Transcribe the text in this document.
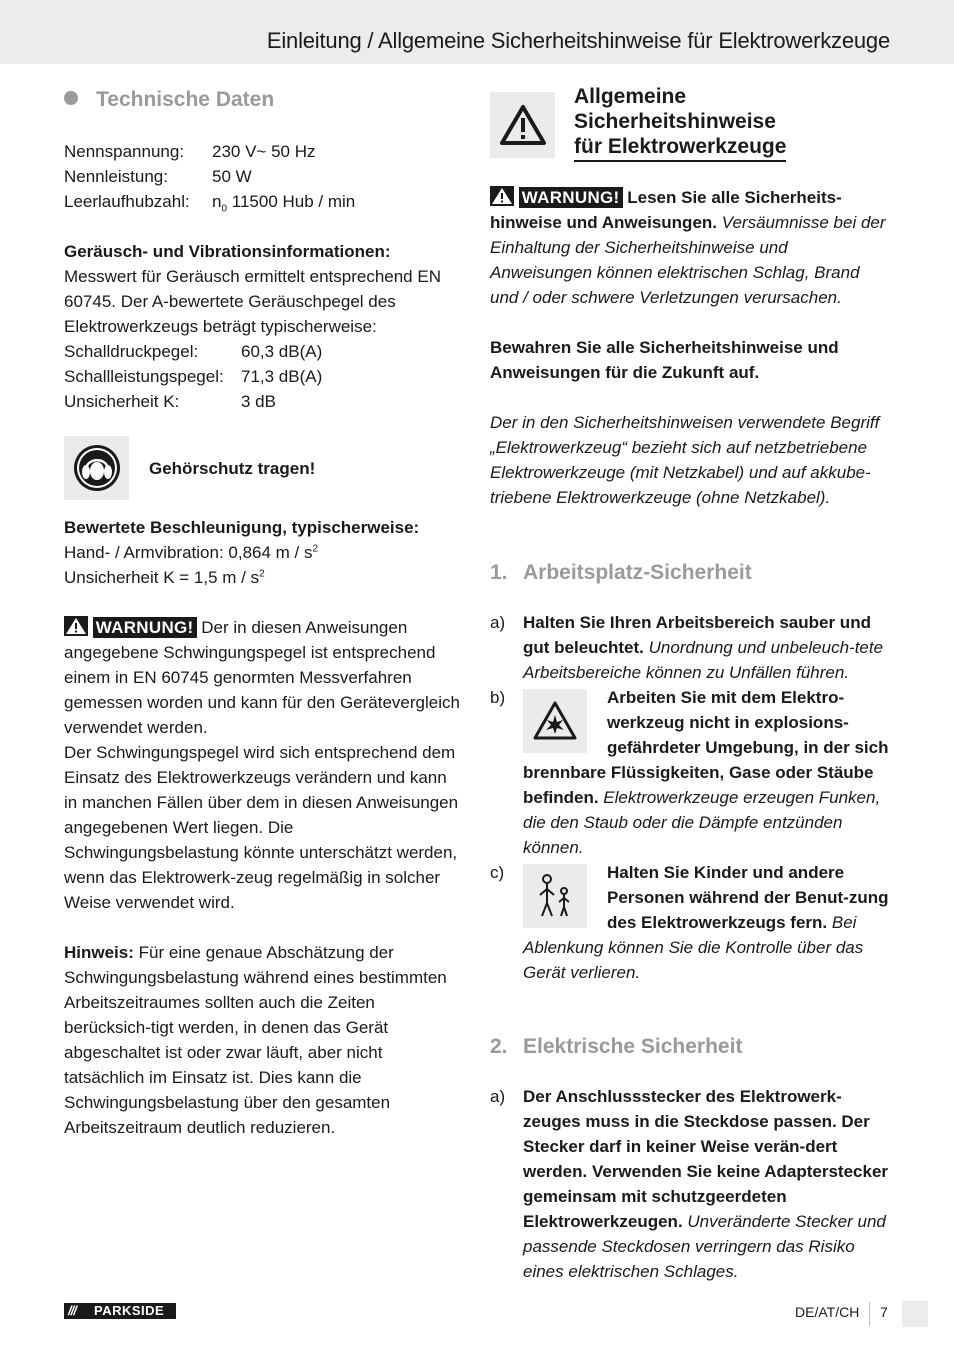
Einleitung / Allgemeine Sicherheitshinweise für Elektrowerkzeuge
Technische Daten
Nennspannung:	230 V~ 50 Hz
Nennleistung:	50 W
Leerlaufhubzahl:	$n_0$ 11500 Hub / min

Geräusch- und Vibrationsinformationen:

Messwert für Geräusch ermittelt entsprechend EN 60745. Der A-bewertete Geräuschpegel des Elektrowerkzeugs beträgt typischerweise:

Schalldruckpegel:	60,3 dB(A)
Schallleistungspegel:	71,3 dB(A)
Unsicherheit K:	3 dB
Gehörschutz tragen!

Bewertete Beschleunigung, typischerweise:

Hand- / Armvibration: 0,864 m / $s^2$

Unsicherheit K = 1,5 m / $s^2$

WARNUNG! Der in diesen Anweisungen angegebene Schwingungspegel ist entsprechend einem in EN 60745 genormten Messverfahren gemessen worden und kann für den Gerätevergleich verwendet werden.

Der Schwingungspegel wird sich entsprechend dem Einsatz des Elektrowerkzeugs verändern und kann in manchen Fällen über dem in diesen Anweisungen angegebenen Wert liegen. Die Schwingungsbelastung könnte unterschätzt werden, wenn das Elektrowerk-zeug regelmäßig in solcher Weise verwendet wird.

Hinweis: Für eine genaue Abschätzung der Schwingungsbelastung während eines bestimmten Arbeitszeitraumes sollten auch die Zeiten berücksich-tigt werden, in denen das Gerät abgeschaltet ist oder zwar läuft, aber nicht tatsächlich im Einsatz ist. Dies kann die Schwingungsbelastung über den gesamten Arbeitszeitraum deutlich reduzieren.

Allgemeine
Sicherheitshinweise
für Elektrowerkzeuge

WARNUNG! Lesen Sie alle Sicherheits-hinweise und Anweisungen. Versäumnisse bei der Einhaltung der Sicherheitshinweise und Anweisungen können elektrischen Schlag, Brand und / oder schwere Verletzungen verursachen.

Bewahren Sie alle Sicherheitshinweise und Anweisungen für die Zukunft auf.

Der in den Sicherheitshinweisen verwendete Begriff „Elektrowerkzeug“ bezieht sich auf netzbetriebene Elektrowerkzeuge (mit Netzkabel) und auf akkube-triebene Elektrowerkzeuge (ohne Netzkabel).

1. Arbeitsplatz-Sicherheit
a)	Halten Sie Ihren Arbeitsbereich sauber und gut beleuchtet. Unordnung und unbeleuch-tete Arbeitsbereiche können zu Unfällen führen.
b)	Arbeiten Sie mit dem Elektro-werkzeug nicht in explosions-gefährdeter Umgebung, in der sich brennbare Flüssigkeiten, Gase oder Stäube befinden. Elektrowerkzeuge erzeugen Funken, die den Staub oder die Dämpfe entzünden können.
c)	Halten Sie Kinder und andere Personen während der Benut-zung des Elektrowerkzeugs fern. Bei Ablenkung können Sie die Kontrolle über das Gerät verlieren.
2. Elektrische Sicherheit
a)	Der Anschlussstecker des Elektrowerk-zeuges muss in die Steckdose passen. Der Stecker darf in keiner Weise verän-dert werden. Verwenden Sie keine Adapterstecker gemeinsam mit schutzgeerdeten Elektrowerkzeugen. Unveränderte Stecker und passende Steckdosen verringern das Risiko eines elektrischen Schlages.
/// PARKSIDE	DE/AT/CH 7
